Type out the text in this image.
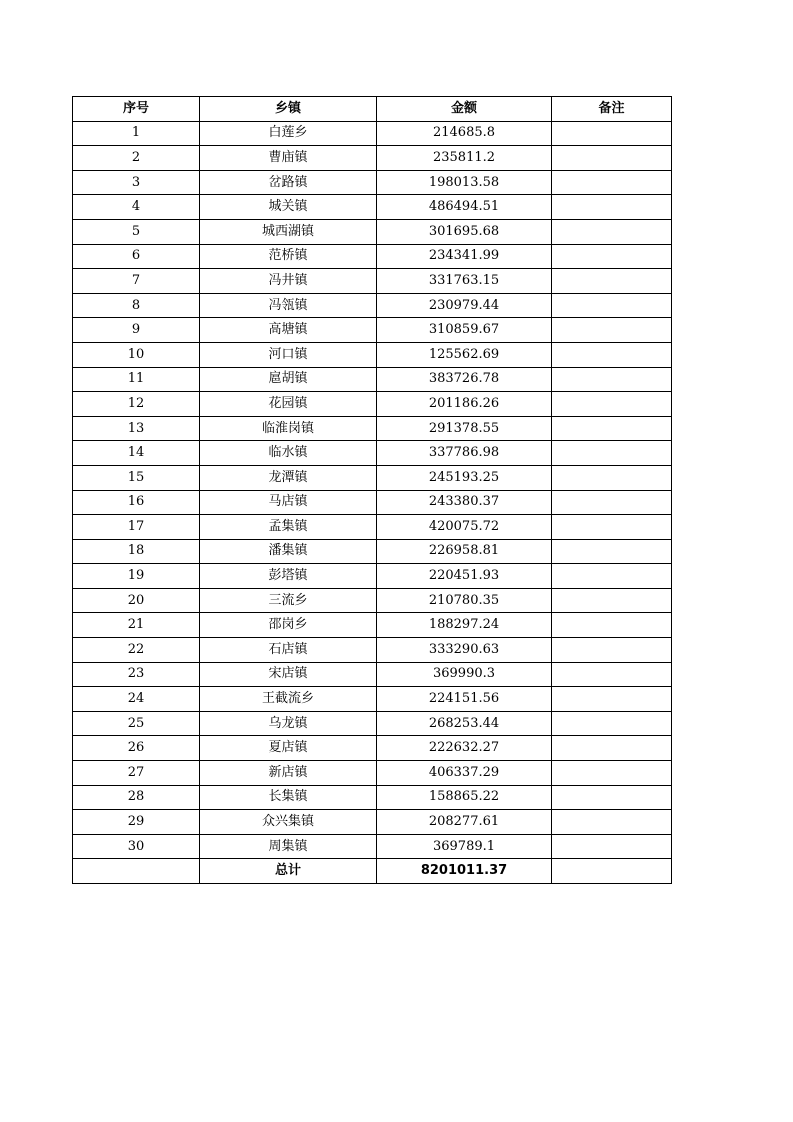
序号	乡镇	金额	备注
1	白莲乡	214685.8	
2	曹庙镇	235811.2	
3	岔路镇	198013.58	
4	城关镇	486494.51	
5	城西湖镇	301695.68	
6	范桥镇	234341.99	
7	冯井镇	331763.15	
8	冯瓴镇	230979.44	
9	高塘镇	310859.67	
10	河口镇	125562.69	
11	扈胡镇	383726.78	
12	花园镇	201186.26	
13	临淮岗镇	291378.55	
14	临水镇	337786.98	
15	龙潭镇	245193.25	
16	马店镇	243380.37	
17	孟集镇	420075.72	
18	潘集镇	226958.81	
19	彭塔镇	220451.93	
20	三流乡	210780.35	
21	邵岗乡	188297.24	
22	石店镇	333290.63	
23	宋店镇	369990.3	
24	王截流乡	224151.56	
25	乌龙镇	268253.44	
26	夏店镇	222632.27	
27	新店镇	406337.29	
28	长集镇	158865.22	
29	众兴集镇	208277.61	
30	周集镇	369789.1	
	总计	8201011.37	
